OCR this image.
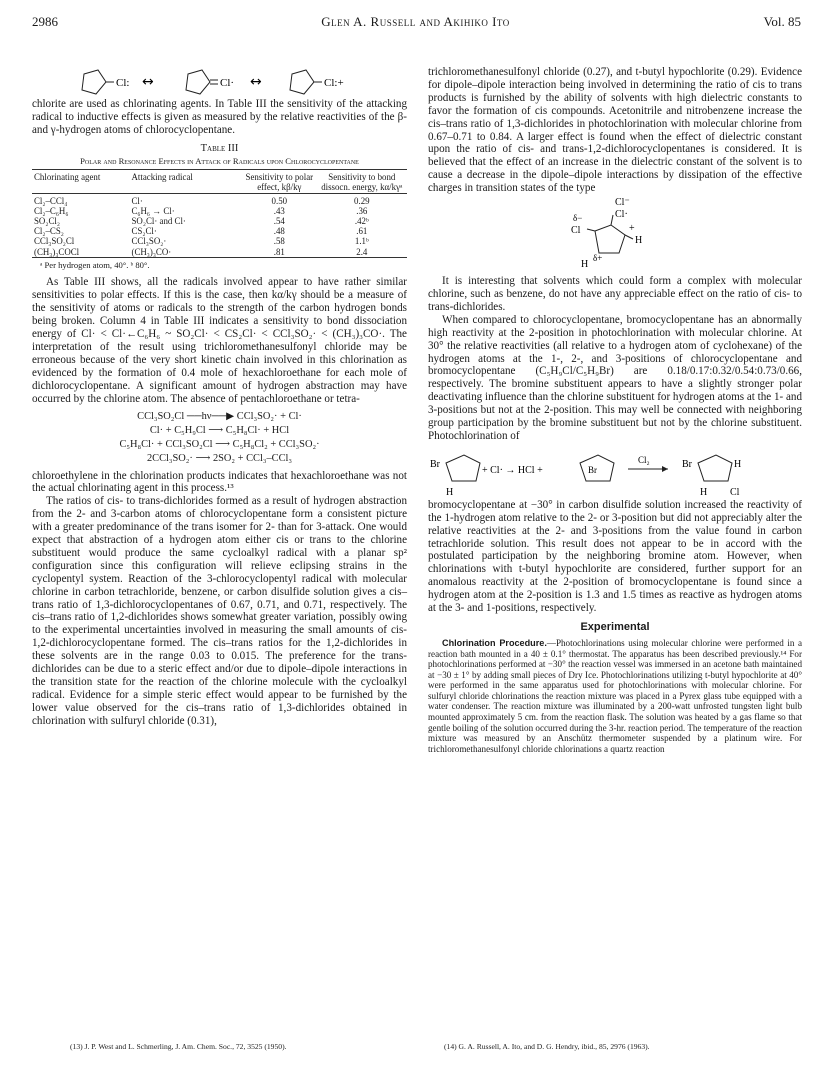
2986	Glen A. Russell and Akihiko Ito	Vol. 85
Cl:	Cl·	Cl:+
↔	↔

chlorite are used as chlorinating agents. In Table III the sensitivity of the attacking radical to inductive effects is given as measured by the relative reactivities of the β- and γ-hydrogen atoms of chlorocyclopentane.

Table III
Polar and Resonance Effects in Attack of Radicals upon Chlorocyclopentane

Chlorinating agent	Attacking radical	Sensitivity to polar effect, kβ/kγ	Sensitivity to bond dissocn. energy, kα/kγᵃ

Cl₂–CCl₄	Cl·	0.50	0.29
Cl₂–C₆H₆	C₆H₆ → Cl·	.43	.36
SO₂Cl₂	SO₂Cl· and Cl·	.54	.42ᵇ
Cl₂–CS₂	CS₂Cl·	.48	.61
CCl₃SO₂Cl	CCl₃SO₂·	.58	1.1ᵇ
(CH₃)₃COCl	(CH₃)₃CO·	.81	2.4

ᵃ Per hydrogen atom, 40°. ᵇ 80°.

As Table III shows, all the radicals involved appear to have rather similar sensitivities to polar effects. If this is the case, then kα/kγ should be a measure of the sensitivity of atoms or radicals to the strength of the carbon hydrogen bonds being broken. Column 4 in Table III indicates a sensitivity to bond dissociation energy of Cl· < Cl·←C₆H₆ ~ SO₂Cl· < CS₂Cl· < CCl₃SO₂· < (CH₃)₃CO·. The interpretation of the result using trichloromethanesulfonyl chloride may be erroneous because of the very short kinetic chain involved in this chlorination as evidenced by the formation of 0.4 mole of hexachloroethane for each mole of dichlorocyclopentane. A significant amount of hydrogen abstraction may have occurred by the chlorine atom. The absence of pentachloroethane or tetra-

CCl₃SO₂Cl ──hν──▶ CCl₃SO₂· + Cl·
Cl· + C₅H₉Cl ⟶ C₅H₈Cl· + HCl
C₅H₈Cl· + CCl₃SO₂Cl ⟶ C₅H₈Cl₂ + CCl₃SO₂·
2CCl₃SO₂· ⟶ 2SO₂ + CCl₃–CCl₃

chloroethylene in the chlorination products indicates that hexachloroethane was not the actual chlorinating agent in this process.¹³

The ratios of cis- to trans-dichlorides formed as a result of hydrogen abstraction from the 2- and 3-carbon atoms of chlorocyclopentane form a consistent picture with a greater predominance of the trans isomer for 2- than for 3-attack. One would expect that abstraction of a hydrogen atom either cis or trans to the chlorine substituent would produce the same cycloalkyl radical with a planar sp² configuration since this configuration will relieve eclipsing strains in the cyclopentyl system. Reaction of the 3-chlorocyclopentyl radical with molecular chlorine in carbon tetrachloride, benzene, or carbon disulfide solution gives a cis–trans ratio of 1,3-dichlorocyclopentanes of 0.67, 0.71, and 0.71, respectively. The cis–trans ratio of 1,2-dichlorides shows somewhat greater variation, possibly owing to the experimental uncertainties involved in measuring the small amounts of cis-1,2-dichlorocyclopentane formed. The cis–trans ratios for the 1,2-dichlorides in these solvents are in the range 0.03 to 0.015. The preference for the trans-dichlorides can be due to a steric effect and/or due to dipole–dipole interactions in the transition state for the reaction of the chlorine molecule with the cycloalkyl radical. Evidence for a simple steric effect would appear to be furnished by the lower value observed for the cis–trans ratio of 1,3-dichlorides obtained in chlorination with sulfuryl chloride (0.31),

(13) J. P. West and L. Schmerling, J. Am. Chem. Soc., 72, 3525 (1950).

trichloromethanesulfonyl chloride (0.27), and t-butyl hypochlorite (0.29). Evidence for dipole–dipole interaction being involved in determining the ratio of cis to trans products is furnished by the ability of solvents with high dielectric constants to favor the formation of cis compounds. Acetonitrile and nitrobenzene increase the cis–trans ratio of 1,3-dichlorides in photochlorination with molecular chlorine from 0.67–0.71 to 0.84. A larger effect is found when the effect of dielectric constant upon the ratio of cis- and trans-1,2-dichlorocyclopentanes is considered. It is believed that the effect of an increase in the dielectric constant of the solvent is to cause a decrease in the dipole–dipole interactions by dissipation of the effective charges in transition states of the type

Cl⁻
δ−	Cl·
Cl	+
H
H
δ+

It is interesting that solvents which could form a complex with molecular chlorine, such as benzene, do not have any appreciable effect on the ratio of cis- to trans-dichlorides.

When compared to chlorocyclopentane, bromocyclopentane has an abnormally high reactivity at the 2-position in photochlorination with molecular chlorine. At 30° the relative reactivities (all relative to a hydrogen atom of cyclohexane) of the hydrogen atoms at the 1-, 2-, and 3-positions of chlorocyclopentane and bromocyclopentane (C₅H₉Cl/C₅H₉Br) are 0.18/0.17:0.32/0.54:0.73/0.66, respectively. The bromine substituent appears to have a slightly stronger polar deactivating influence than the chlorine substituent for hydrogen atoms at the 1- and 3-positions but not at the 2-position. This may well be connected with neighboring group participation by the bromine substituent but not by the chlorine substituent. Photochlorination of

Br
H
+ Cl· → HCl +	Br
Cl₂	Br	H
H Cl

bromocyclopentane at −30° in carbon disulfide solution increased the reactivity of the 1-hydrogen atom relative to the 2- or 3-position but did not appreciably alter the relative reactivities at the 2- and 3-positions from the value found in carbon tetrachloride solution. This result does not appear to be in accord with the postulated participation by the neighboring bromine atom. However, when chlorinations with t-butyl hypochlorite are considered, further support for an anomalous reactivity at the 2-position of bromocyclopentane is found since a hydrogen atom at the 2-position is 1.3 and 1.5 times as reactive as hydrogen atoms at the 3- and 1-positions, respectively.

Experimental

Chlorination Procedure.—Photochlorinations using molecular chlorine were performed in a reaction bath mounted in a 40 ± 0.1° thermostat. The apparatus has been described previously.¹⁴ For photochlorinations performed at −30° the reaction vessel was immersed in an acetone bath maintained at −30 ± 1° by adding small pieces of Dry Ice. Photochlorinations utilizing t-butyl hypochlorite at 40° were performed in the same apparatus used for photochlorinations with molecular chlorine. For sulfuryl chloride chlorinations the reaction mixture was placed in a Pyrex glass tube equipped with a water condenser. The reaction mixture was illuminated by a 200-watt unfrosted tungsten light bulb mounted approximately 5 cm. from the reaction flask. The solution was heated by a gas flame so that gentle boiling of the solution occurred during the 3-hr. reaction period. The temperature of the reaction mixture was measured by an Anschütz thermometer suspended by a platinum wire. For trichloromethanesulfonyl chloride chlorinations a quartz reaction

(14) G. A. Russell, A. Ito, and D. G. Hendry, ibid., 85, 2976 (1963).
